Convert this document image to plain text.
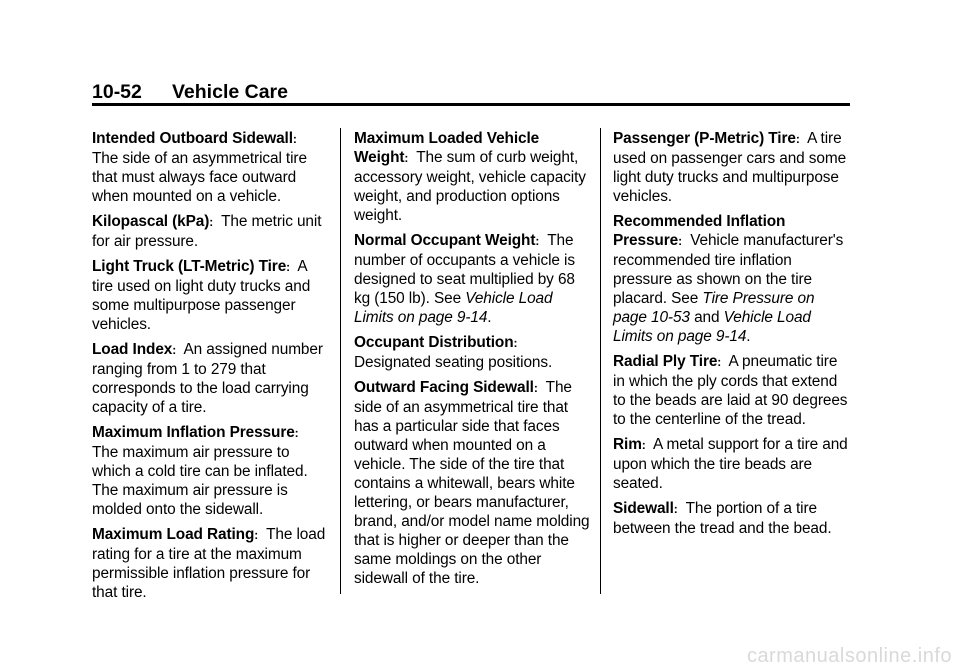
10-52 Vehicle Care

Intended Outboard Sidewall: The side of an asymmetrical tire that must always face outward when mounted on a vehicle.

Kilopascal (kPa): The metric unit for air pressure.

Light Truck (LT-Metric) Tire: A tire used on light duty trucks and some multipurpose passenger vehicles.

Load Index: An assigned number ranging from 1 to 279 that corresponds to the load carrying capacity of a tire.

Maximum Inflation Pressure: The maximum air pressure to which a cold tire can be inflated. The maximum air pressure is molded onto the sidewall.

Maximum Load Rating: The load rating for a tire at the maximum permissible inflation pressure for that tire.

Maximum Loaded Vehicle Weight: The sum of curb weight, accessory weight, vehicle capacity weight, and production options weight.

Normal Occupant Weight: The number of occupants a vehicle is designed to seat multiplied by 68 kg (150 lb). See Vehicle Load Limits on page 9-14.

Occupant Distribution: Designated seating positions.

Outward Facing Sidewall: The side of an asymmetrical tire that has a particular side that faces outward when mounted on a vehicle. The side of the tire that contains a whitewall, bears white lettering, or bears manufacturer, brand, and/or model name molding that is higher or deeper than the same moldings on the other sidewall of the tire.

Passenger (P-Metric) Tire: A tire used on passenger cars and some light duty trucks and multipurpose vehicles.

Recommended Inflation Pressure: Vehicle manufacturer's recommended tire inflation pressure as shown on the tire placard. See Tire Pressure on page 10-53 and Vehicle Load Limits on page 9-14.

Radial Ply Tire: A pneumatic tire in which the ply cords that extend to the beads are laid at 90 degrees to the centerline of the tread.

Rim: A metal support for a tire and upon which the tire beads are seated.

Sidewall: The portion of a tire between the tread and the bead.

carmanualsonline.info
